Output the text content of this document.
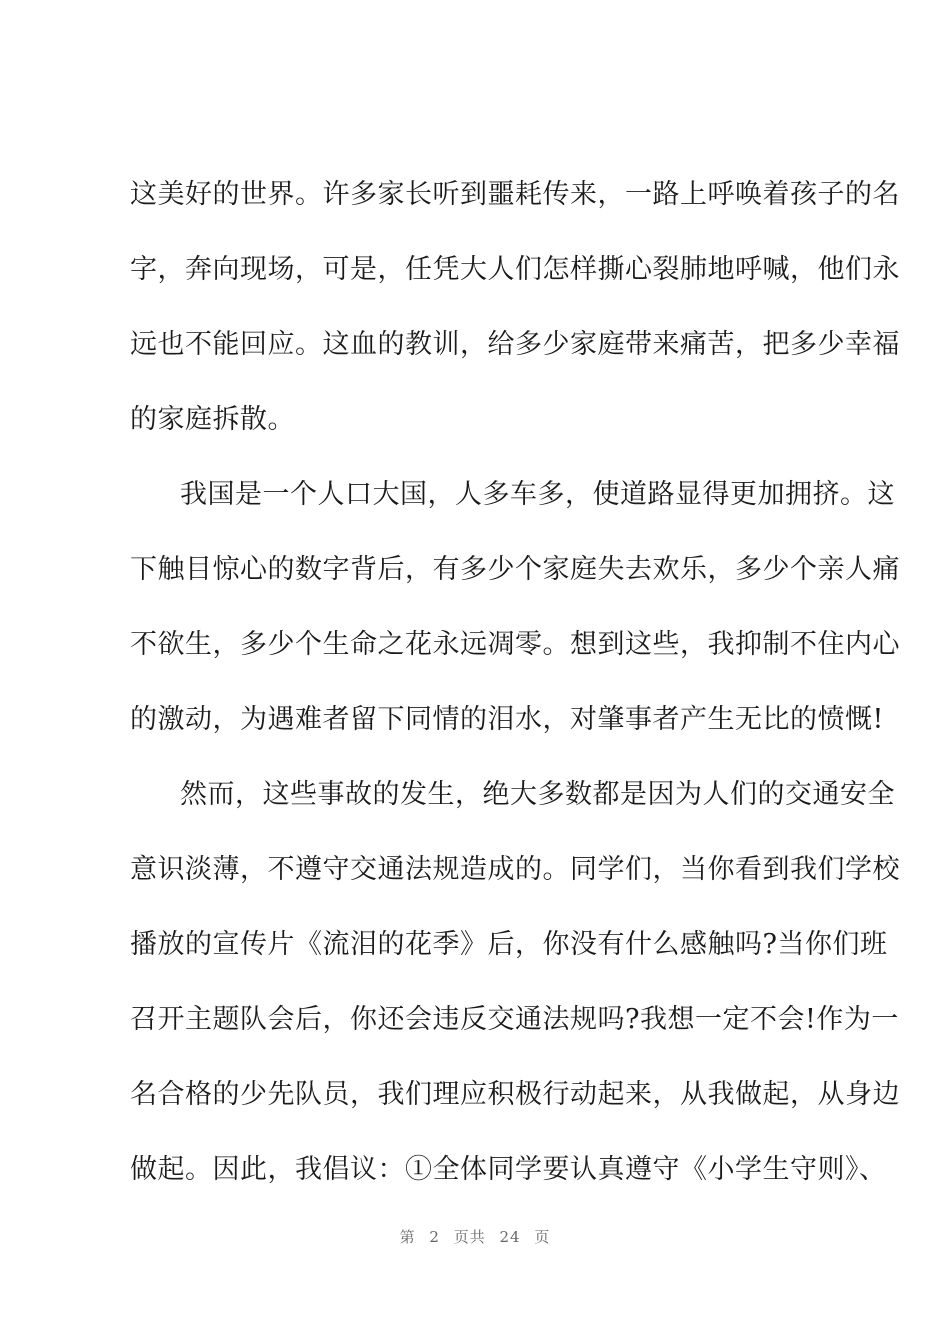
这美好的世界。许多家长听到噩耗传来，一路上呼唤着孩子的名
字，奔向现场，可是，任凭大人们怎样撕心裂肺地呼喊，他们永
远也不能回应。这血的教训，给多少家庭带来痛苦，把多少幸福
的家庭拆散。
我国是一个人口大国，人多车多，使道路显得更加拥挤。这
下触目惊心的数字背后，有多少个家庭失去欢乐，多少个亲人痛
不欲生，多少个生命之花永远凋零。想到这些，我抑制不住内心
的激动，为遇难者留下同情的泪水，对肇事者产生无比的愤慨!
然而，这些事故的发生，绝大多数都是因为人们的交通安全
意识淡薄，不遵守交通法规造成的。同学们，当你看到我们学校
播放的宣传片《流泪的花季》后，你没有什么感触吗?当你们班
召开主题队会后，你还会违反交通法规吗?我想一定不会!作为一
名合格的少先队员，我们理应积极行动起来，从我做起，从身边
做起。因此，我倡议：①全体同学要认真遵守《小学生守则》、
第 2 页共 24 页
